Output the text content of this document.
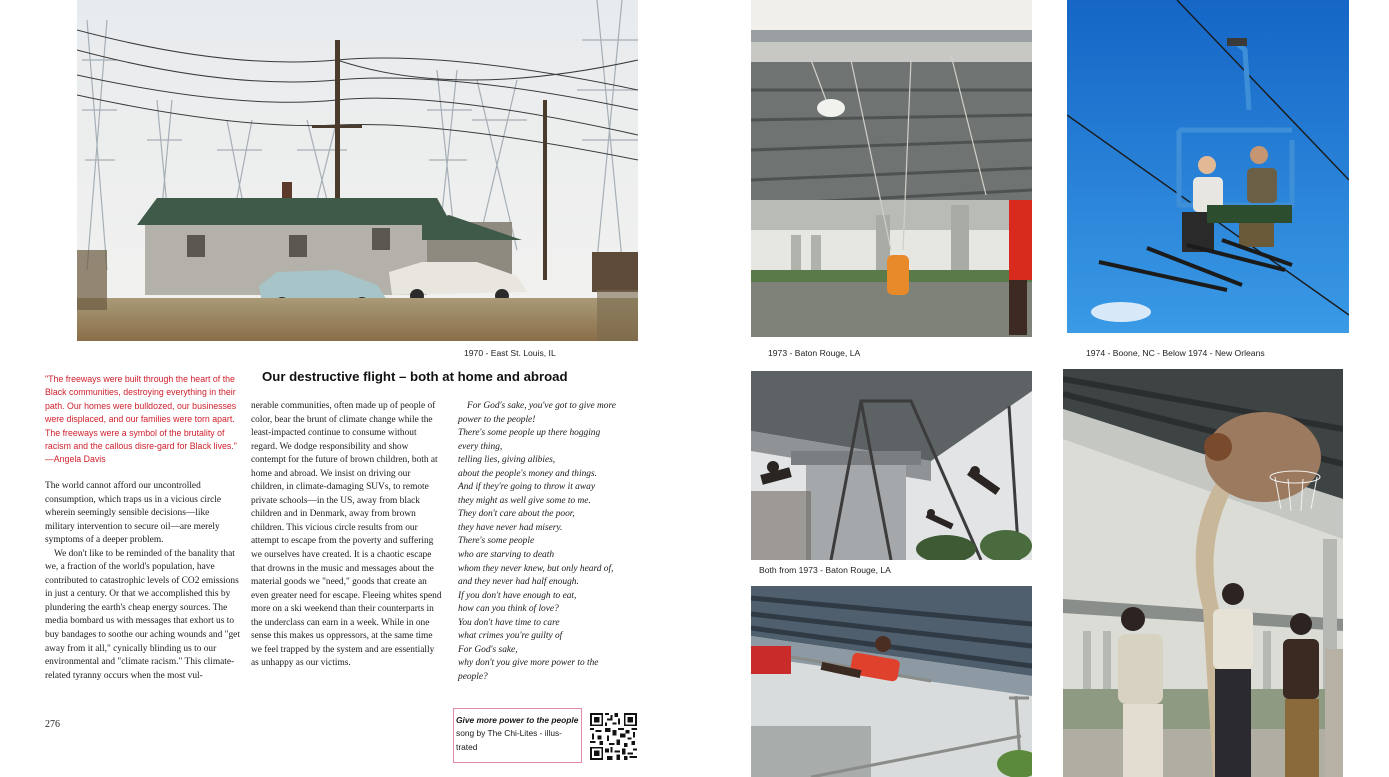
1970 - East St. Louis, IL	1973 - Baton Rouge, LA	1974 - Boone, NC - Below 1974 - New Orleans
Both from 1973 - Baton Rouge, LA
"The freeways were built through the heart of the Black communities, destroying everything in their path. Our homes were bulldozed, our businesses were displaced, and our families were torn apart. The freeways were a symbol of the brutality of racism and the callous disre-gard for Black lives." —Angela Davis
Our destructive flight – both at home and abroad

The world cannot afford our uncontrolled consumption, which traps us in a vicious circle wherein seemingly sensible decisions—like military intervention to secure oil—are merely symptoms of a deeper problem.

We don't like to be reminded of the banality that we, a fraction of the world's population, have contributed to catastrophic levels of CO2 emissions in just a century. Or that we accomplished this by plundering the earth's cheap energy sources. The media bombard us with messages that exhort us to buy bandages to soothe our aching wounds and "get away from it all," cynically blinding us to our environmental and "climate racism." This climate-related tyranny occurs when the most vul-

nerable communities, often made up of people of color, bear the brunt of climate change while the least-impacted continue to consume without regard. We dodge responsibility and show contempt for the future of brown children, both at home and abroad. We insist on driving our children, in climate-damaging SUVs, to remote private schools—in the US, away from black children and in Denmark, away from brown children. This vicious circle results from our attempt to escape from the poverty and suffering we ourselves have created. It is a chaotic escape that drowns in the music and messages about the material goods we "need," goods that create an even greater need for escape. Fleeing whites spend more on a ski weekend than their counterparts in the underclass can earn in a week. While in one sense this makes us oppressors, at the same time we feel trapped by the system and are essentially as unhappy as our victims.

For God's sake, you've got to give more
power to the people!
There's some people up there hogging
every thing,
telling lies, giving alibies,
about the people's money and things.
And if they're going to throw it away
they might as well give some to me.
They don't care about the poor,
they have never had misery.
There's some people
who are starving to death
whom they never knew, but only heard of,
and they never had half enough.
If you don't have enough to eat,
how can you think of love?
You don't have time to care
what crimes you're guilty of
For God's sake,
why don't you give more power to the
people?
276	Give more power to the people
song by The Chi-Lites - illus-
trated
